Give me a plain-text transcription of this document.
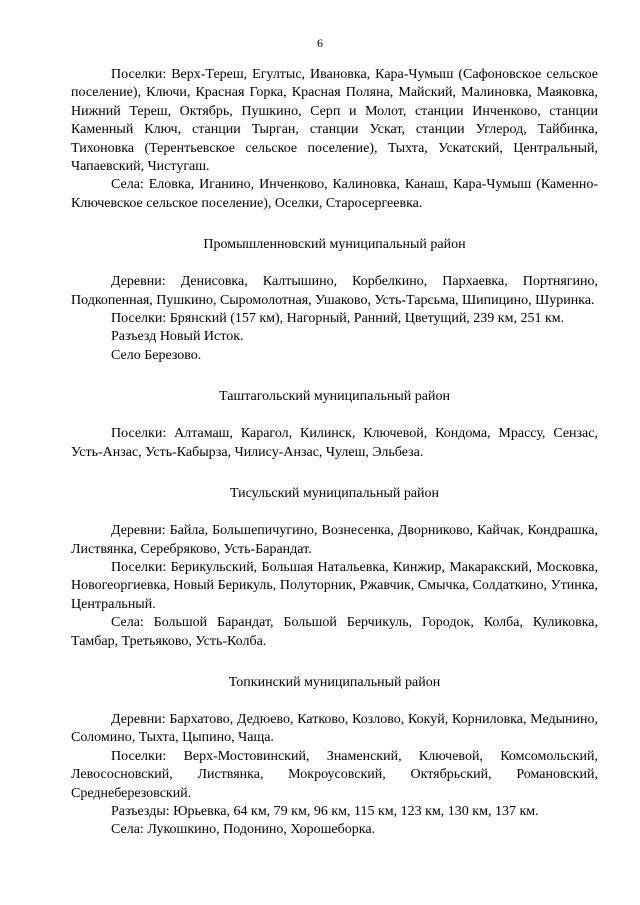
6

Поселки: Верх-Тереш, Егултыс, Ивановка, Кара-Чумыш (Сафоновское сельское поселение), Ключи, Красная Горка, Красная Поляна, Майский, Малиновка, Маяковка, Нижний Тереш, Октябрь, Пушкино, Серп и Молот, станции Инченково, станции Каменный Ключ, станции Тырган, станции Ускат, станции Углерод, Тайбинка, Тихоновка (Терентьевское сельское поселение), Тыхта, Ускатский, Центральный, Чапаевский, Чистугаш.

Села: Еловка, Иганино, Инченково, Калиновка, Канаш, Кара-Чумыш (Каменно-Ключевское сельское поселение), Оселки, Старосергеевка.

Промышленновский муниципальный район

Деревни: Денисовка, Калтышино, Корбелкино, Пархаевка, Портнягино, Подкопенная, Пушкино, Сыромолотная, Ушаково, Усть-Тарсьма, Шипицино, Шуринка.

Поселки: Брянский (157 км), Нагорный, Ранний, Цветущий, 239 км, 251 км.

Разъезд Новый Исток.

Село Березово.

Таштагольский муниципальный район

Поселки: Алтамаш, Карагол, Килинск, Ключевой, Кондома, Мрассу, Сензас, Усть-Анзас, Усть-Кабырза, Чилису-Анзас, Чулеш, Эльбеза.

Тисульский муниципальный район

Деревни: Байла, Большепичугино, Вознесенка, Дворниково, Кайчак, Кондрашка, Листвянка, Серебряково, Усть-Барандат.

Поселки: Берикульский, Большая Натальевка, Кинжир, Макаракский, Московка, Новогеоргиевка, Новый Берикуль, Полуторник, Ржавчик, Смычка, Солдаткино, Утинка, Центральный.

Села: Большой Барандат, Большой Берчикуль, Городок, Колба, Куликовка, Тамбар, Третьяково, Усть-Колба.

Топкинский муниципальный район

Деревни: Бархатово, Дедюево, Катково, Козлово, Кокуй, Корниловка, Медынино, Соломино, Тыхта, Цыпино, Чаща.

Поселки: Верх-Мостовинский, Знаменский, Ключевой, Комсомольский, Левососновский, Листвянка, Мокроусовский, Октябрьский, Романовский, Среднеберезовский.

Разъезды: Юрьевка, 64 км, 79 км, 96 км, 115 км, 123 км, 130 км, 137 км.

Села: Лукошкино, Подонино, Хорошеборка.
